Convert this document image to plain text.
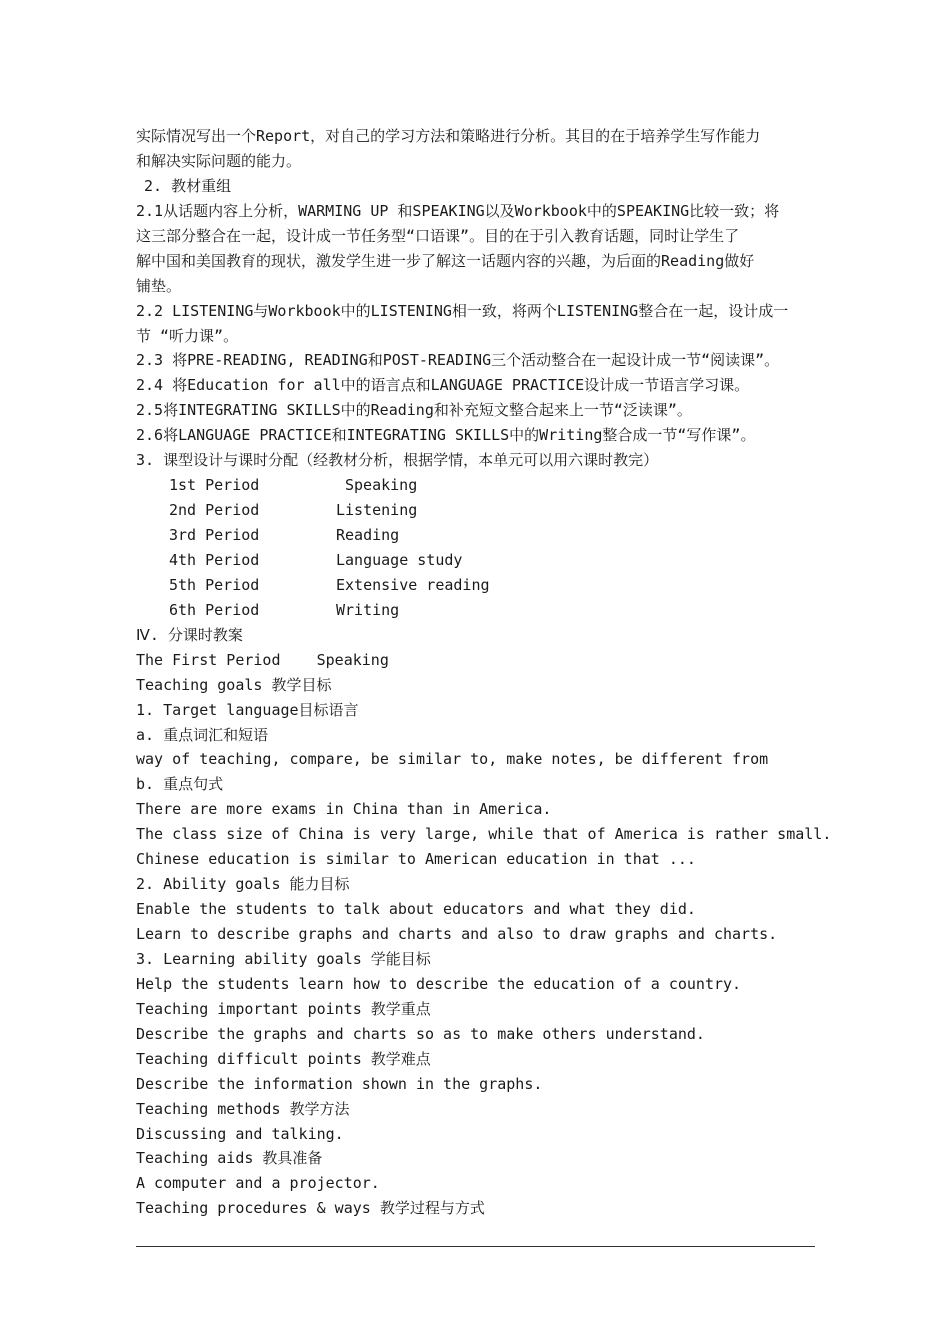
实际情况写出一个Report，对自己的学习方法和策略进行分析。其目的在于培养学生写作能力
和解决实际问题的能力。
2. 教材重组
2.1从话题内容上分析，WARMING UP 和SPEAKING以及Workbook中的SPEAKING比较一致；将
这三部分整合在一起，设计成一节任务型“口语课”。目的在于引入教育话题，同时让学生了
解中国和美国教育的现状，激发学生进一步了解这一话题内容的兴趣，为后面的Reading做好
铺垫。
2.2 LISTENING与Workbook中的LISTENING相一致，将两个LISTENING整合在一起，设计成一
节 “听力课”。
2.3 将PRE-READING, READING和POST-READING三个活动整合在一起设计成一节“阅读课”。
2.4 将Education for all中的语言点和LANGUAGE PRACTICE设计成一节语言学习课。
2.5将INTEGRATING SKILLS中的Reading和补充短文整合起来上一节“泛读课”。
2.6将LANGUAGE PRACTICE和INTEGRATING SKILLS中的Writing整合成一节“写作课”。
3. 课型设计与课时分配（经教材分析，根据学情，本单元可以用六课时教完）
1st Period	Speaking
2nd Period	Listening
3rd Period	Reading
4th Period	Language study
5th Period	Extensive reading
6th Period	Writing
Ⅳ. 分课时教案
The First Period    Speaking
Teaching goals 教学目标
1. Target language目标语言
a. 重点词汇和短语
way of teaching, compare, be similar to, make notes, be different from
b. 重点句式
There are more exams in China than in America.
The class size of China is very large, while that of America is rather small.
Chinese education is similar to American education in that ...
2. Ability goals 能力目标
Enable the students to talk about educators and what they did.
Learn to describe graphs and charts and also to draw graphs and charts.
3. Learning ability goals 学能目标
Help the students learn how to describe the education of a country.
Teaching important points 教学重点
Describe the graphs and charts so as to make others understand.
Teaching difficult points 教学难点
Describe the information shown in the graphs.
Teaching methods 教学方法
Discussing and talking.
Teaching aids 教具准备
A computer and a projector.
Teaching procedures & ways 教学过程与方式
